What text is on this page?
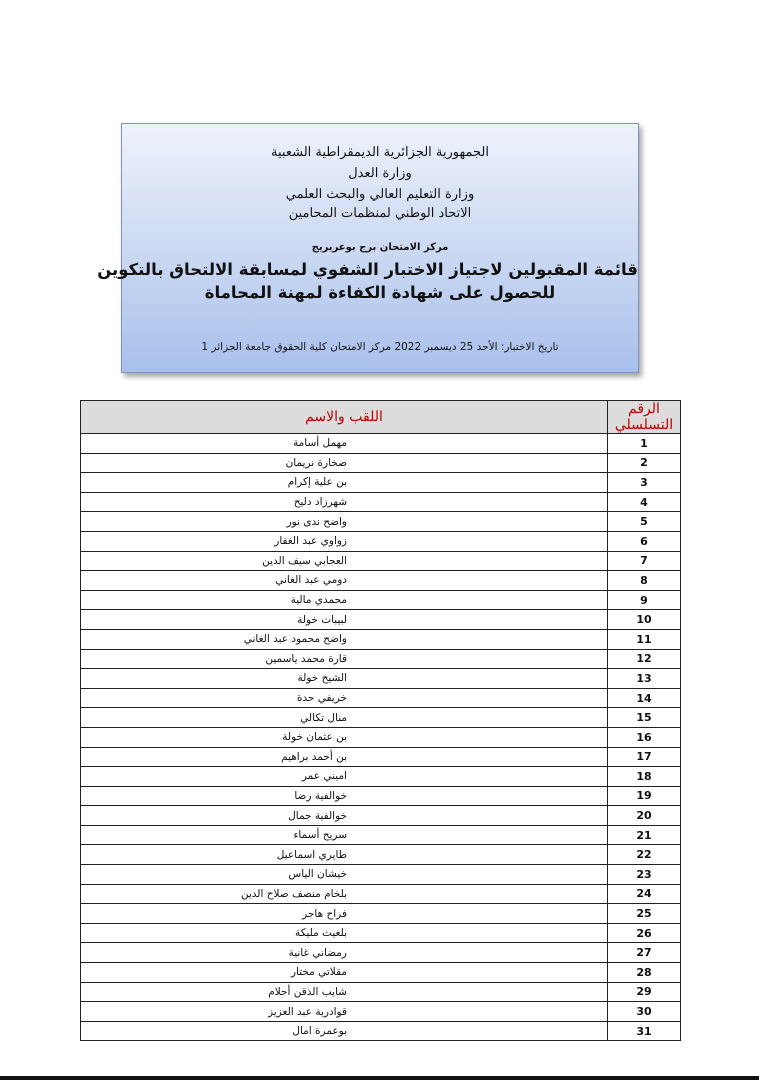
الجمهورية الجزائرية الديمقراطية الشعبية
وزارة العدل
وزارة التعليم العالي والبحث العلمي
الاتحاد الوطني لمنظمات المحامين
مركز الامتحان برج بوعريريج
قائمة المقبولين لاجتياز الاختبار الشفوي لمسابقة الالتحاق بالتكوين
للحصول على شهادة الكفاءة لمهنة المحاماة
تاريخ الاختبار: الأحد 25 ديسمبر 2022 مركز الامتحان كلية الحقوق جامعة الجزائر 1
الرقم التسلسلي	اللقب والاسم
1	مهمل أسامة
2	صخارة نريمان
3	بن علية إكرام
4	شهرزاد دليح
5	واضح ندى نور
6	زواوي عبد الغفار
7	العجابي سيف الدين
8	دومي عبد الغاني
9	محمدي مالية
10	لبيبات خولة
11	واضح محمود عبد الغاني
12	قارة محمد ياسمين
13	الشيخ خولة
14	خريفي حدة
15	منال تكالي
16	بن عثمان خولة
17	بن أحمد براهيم
18	اميني عمر
19	خوالفية رضا
20	خوالفية جمال
21	سريح أسماء
22	طايري اسماعيل
23	خيشان الياس
24	بلخام منصف صلاح الدين
25	فراح هاجر
26	بلغيث مليكة
27	رمضاني غانية
28	مقلاتي مختار
29	شايب الذقن أحلام
30	قوادرية عبد العزيز
31	بوعمرة امال
